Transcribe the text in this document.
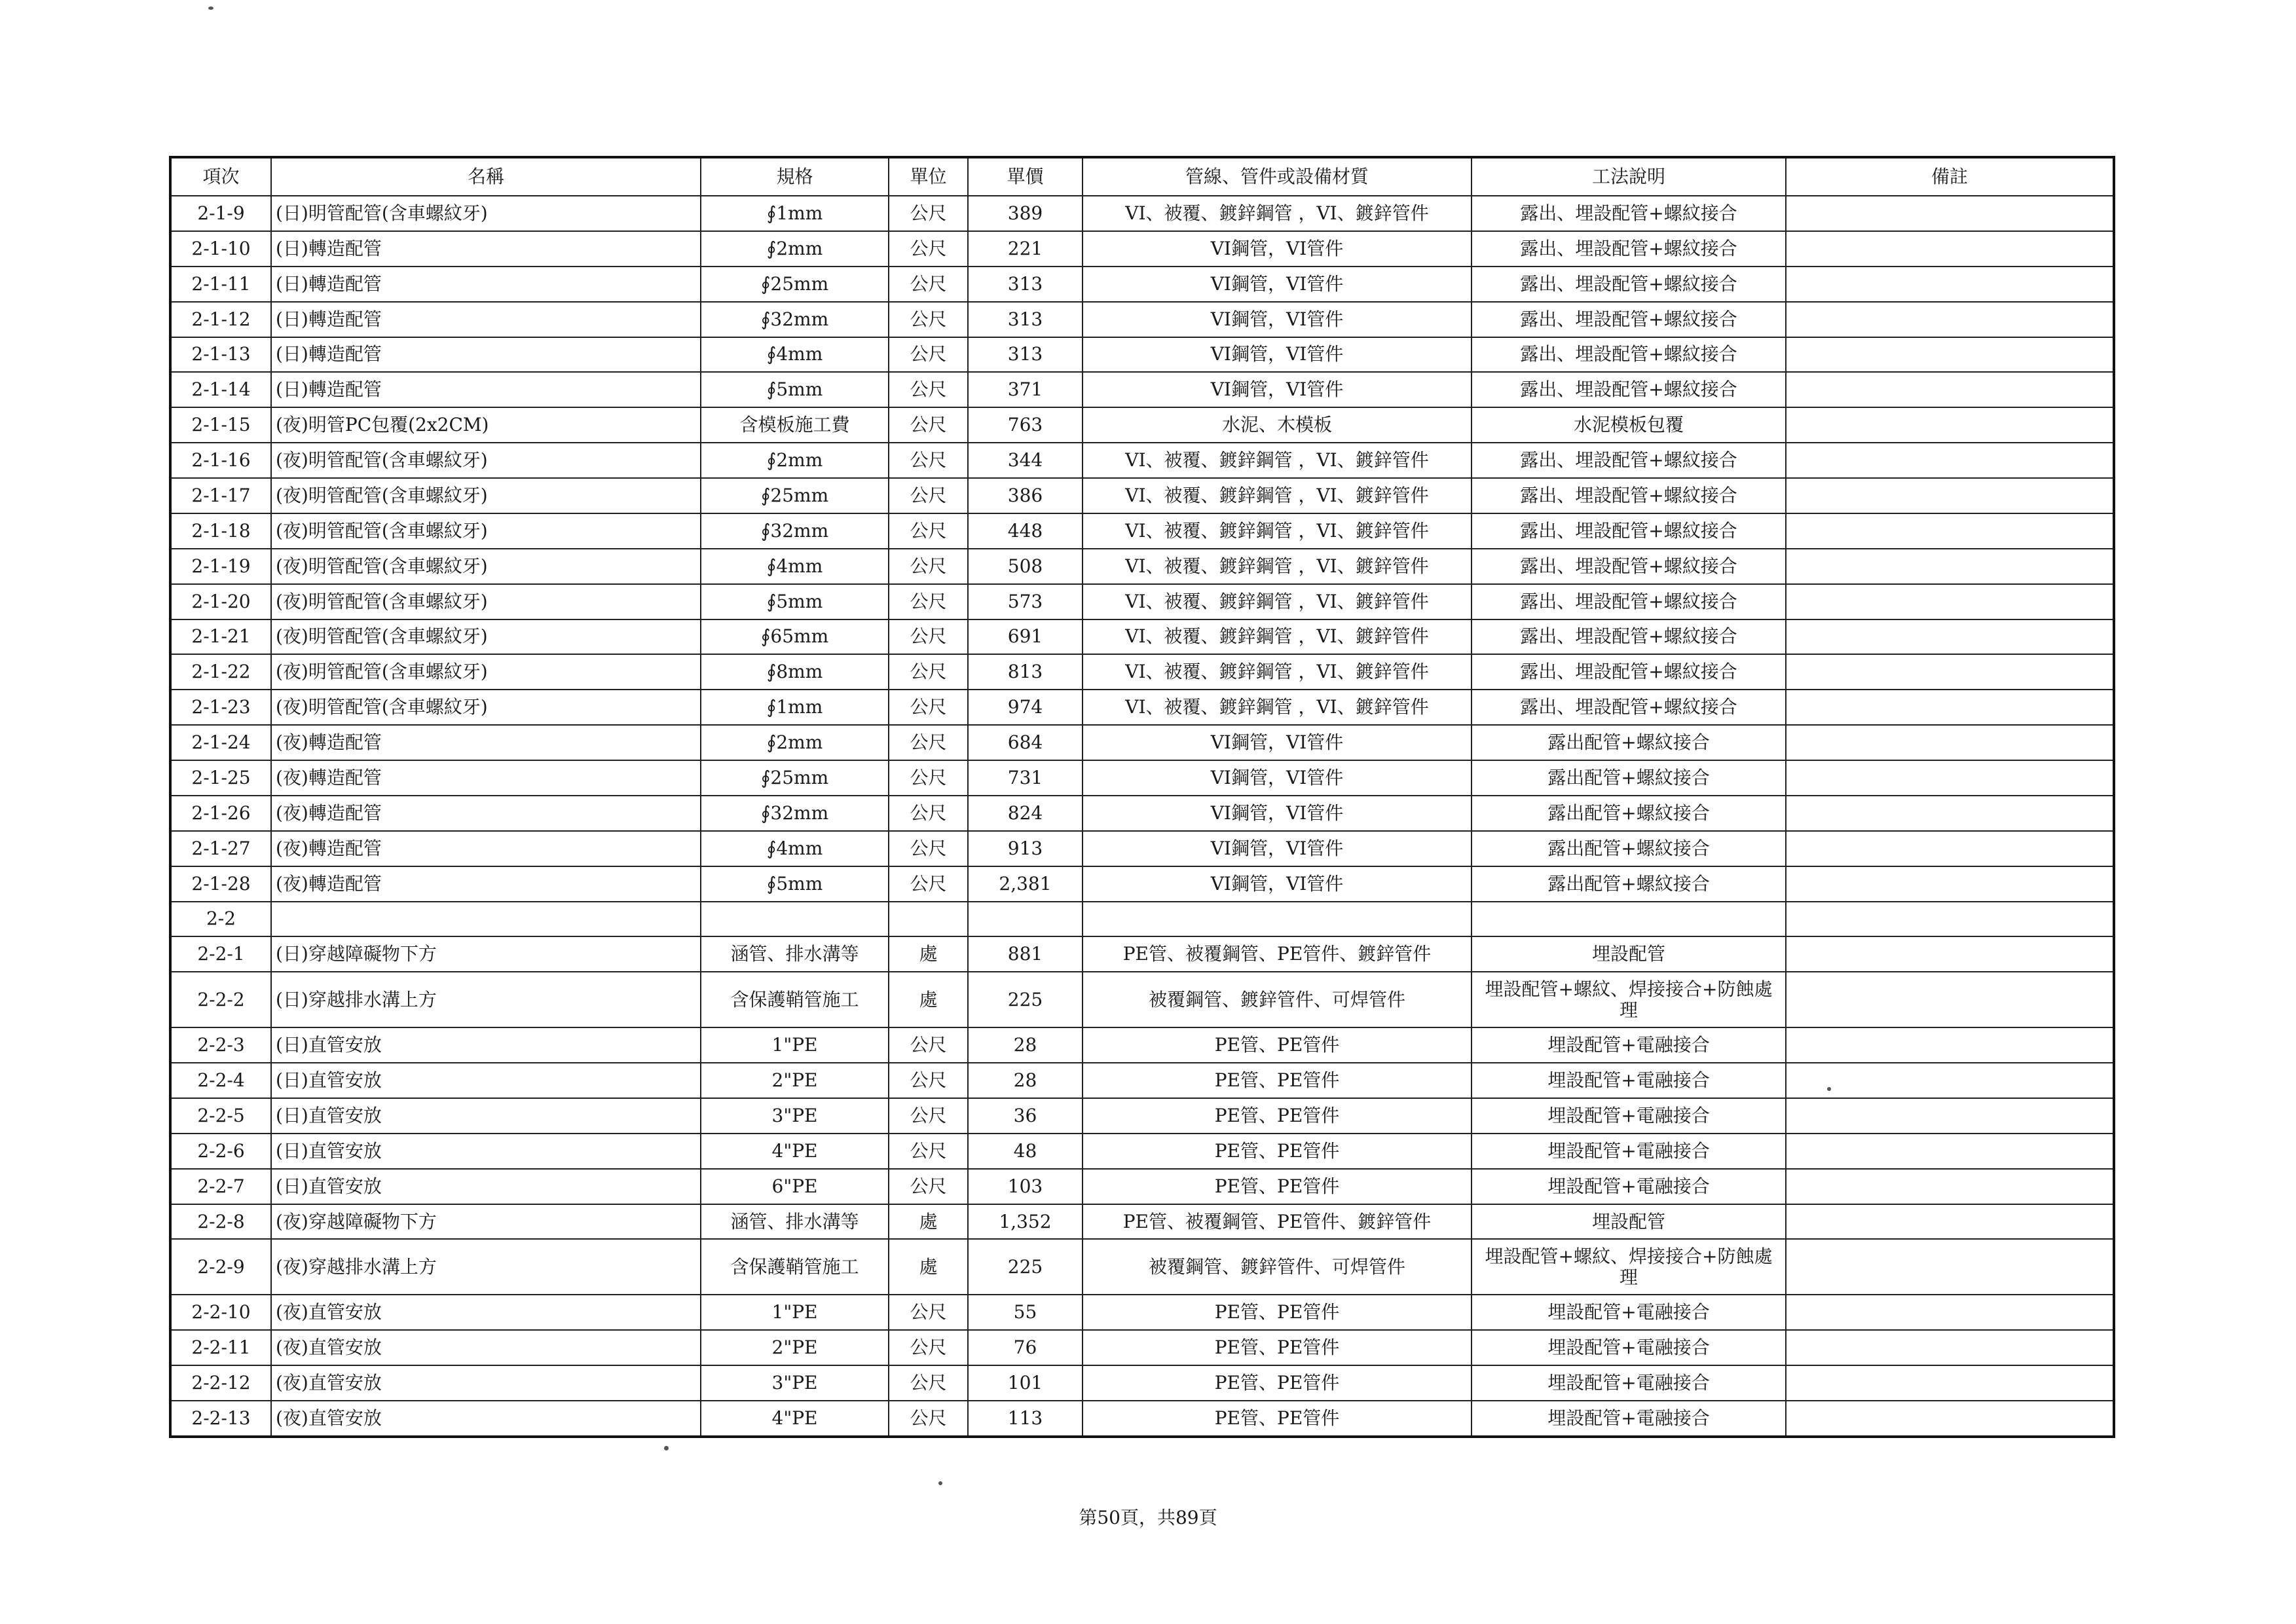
項次	名稱	規格	單位	單價	管線、管件或設備材質	工法說明	備註
2-1-9	(日)明管配管(含車螺紋牙)	∮1mm	公尺	389	VI、被覆、鍍鋅鋼管 ，VI、鍍鋅管件	露出、埋設配管+螺紋接合	
2-1-10	(日)轉造配管	∮2mm	公尺	221	VI鋼管，VI管件	露出、埋設配管+螺紋接合	
2-1-11	(日)轉造配管	∮25mm	公尺	313	VI鋼管，VI管件	露出、埋設配管+螺紋接合	
2-1-12	(日)轉造配管	∮32mm	公尺	313	VI鋼管，VI管件	露出、埋設配管+螺紋接合	
2-1-13	(日)轉造配管	∮4mm	公尺	313	VI鋼管，VI管件	露出、埋設配管+螺紋接合	
2-1-14	(日)轉造配管	∮5mm	公尺	371	VI鋼管，VI管件	露出、埋設配管+螺紋接合	
2-1-15	(夜)明管PC包覆(2x2CM)	含模板施工費	公尺	763	水泥、木模板	水泥模板包覆	
2-1-16	(夜)明管配管(含車螺紋牙)	∮2mm	公尺	344	VI、被覆、鍍鋅鋼管 ，VI、鍍鋅管件	露出、埋設配管+螺紋接合	
2-1-17	(夜)明管配管(含車螺紋牙)	∮25mm	公尺	386	VI、被覆、鍍鋅鋼管 ，VI、鍍鋅管件	露出、埋設配管+螺紋接合	
2-1-18	(夜)明管配管(含車螺紋牙)	∮32mm	公尺	448	VI、被覆、鍍鋅鋼管 ，VI、鍍鋅管件	露出、埋設配管+螺紋接合	
2-1-19	(夜)明管配管(含車螺紋牙)	∮4mm	公尺	508	VI、被覆、鍍鋅鋼管 ，VI、鍍鋅管件	露出、埋設配管+螺紋接合	
2-1-20	(夜)明管配管(含車螺紋牙)	∮5mm	公尺	573	VI、被覆、鍍鋅鋼管 ，VI、鍍鋅管件	露出、埋設配管+螺紋接合	
2-1-21	(夜)明管配管(含車螺紋牙)	∮65mm	公尺	691	VI、被覆、鍍鋅鋼管 ，VI、鍍鋅管件	露出、埋設配管+螺紋接合	
2-1-22	(夜)明管配管(含車螺紋牙)	∮8mm	公尺	813	VI、被覆、鍍鋅鋼管 ，VI、鍍鋅管件	露出、埋設配管+螺紋接合	
2-1-23	(夜)明管配管(含車螺紋牙)	∮1mm	公尺	974	VI、被覆、鍍鋅鋼管 ，VI、鍍鋅管件	露出、埋設配管+螺紋接合	
2-1-24	(夜)轉造配管	∮2mm	公尺	684	VI鋼管，VI管件	露出配管+螺紋接合	
2-1-25	(夜)轉造配管	∮25mm	公尺	731	VI鋼管，VI管件	露出配管+螺紋接合	
2-1-26	(夜)轉造配管	∮32mm	公尺	824	VI鋼管，VI管件	露出配管+螺紋接合	
2-1-27	(夜)轉造配管	∮4mm	公尺	913	VI鋼管，VI管件	露出配管+螺紋接合	
2-1-28	(夜)轉造配管	∮5mm	公尺	2,381	VI鋼管，VI管件	露出配管+螺紋接合	
2-2							
2-2-1	(日)穿越障礙物下方	涵管、排水溝等	處	881	PE管、被覆鋼管、PE管件、鍍鋅管件	埋設配管	
2-2-2	(日)穿越排水溝上方	含保護鞘管施工	處	225	被覆鋼管、鍍鋅管件、可焊管件	埋設配管+螺紋、焊接接合+防蝕處理	
2-2-3	(日)直管安放	1"PE	公尺	28	PE管、PE管件	埋設配管+電融接合	
2-2-4	(日)直管安放	2"PE	公尺	28	PE管、PE管件	埋設配管+電融接合	
2-2-5	(日)直管安放	3"PE	公尺	36	PE管、PE管件	埋設配管+電融接合	
2-2-6	(日)直管安放	4"PE	公尺	48	PE管、PE管件	埋設配管+電融接合	
2-2-7	(日)直管安放	6"PE	公尺	103	PE管、PE管件	埋設配管+電融接合	
2-2-8	(夜)穿越障礙物下方	涵管、排水溝等	處	1,352	PE管、被覆鋼管、PE管件、鍍鋅管件	埋設配管	
2-2-9	(夜)穿越排水溝上方	含保護鞘管施工	處	225	被覆鋼管、鍍鋅管件、可焊管件	埋設配管+螺紋、焊接接合+防蝕處理	
2-2-10	(夜)直管安放	1"PE	公尺	55	PE管、PE管件	埋設配管+電融接合	
2-2-11	(夜)直管安放	2"PE	公尺	76	PE管、PE管件	埋設配管+電融接合	
2-2-12	(夜)直管安放	3"PE	公尺	101	PE管、PE管件	埋設配管+電融接合	
2-2-13	(夜)直管安放	4"PE	公尺	113	PE管、PE管件	埋設配管+電融接合	
第50頁，共89頁
